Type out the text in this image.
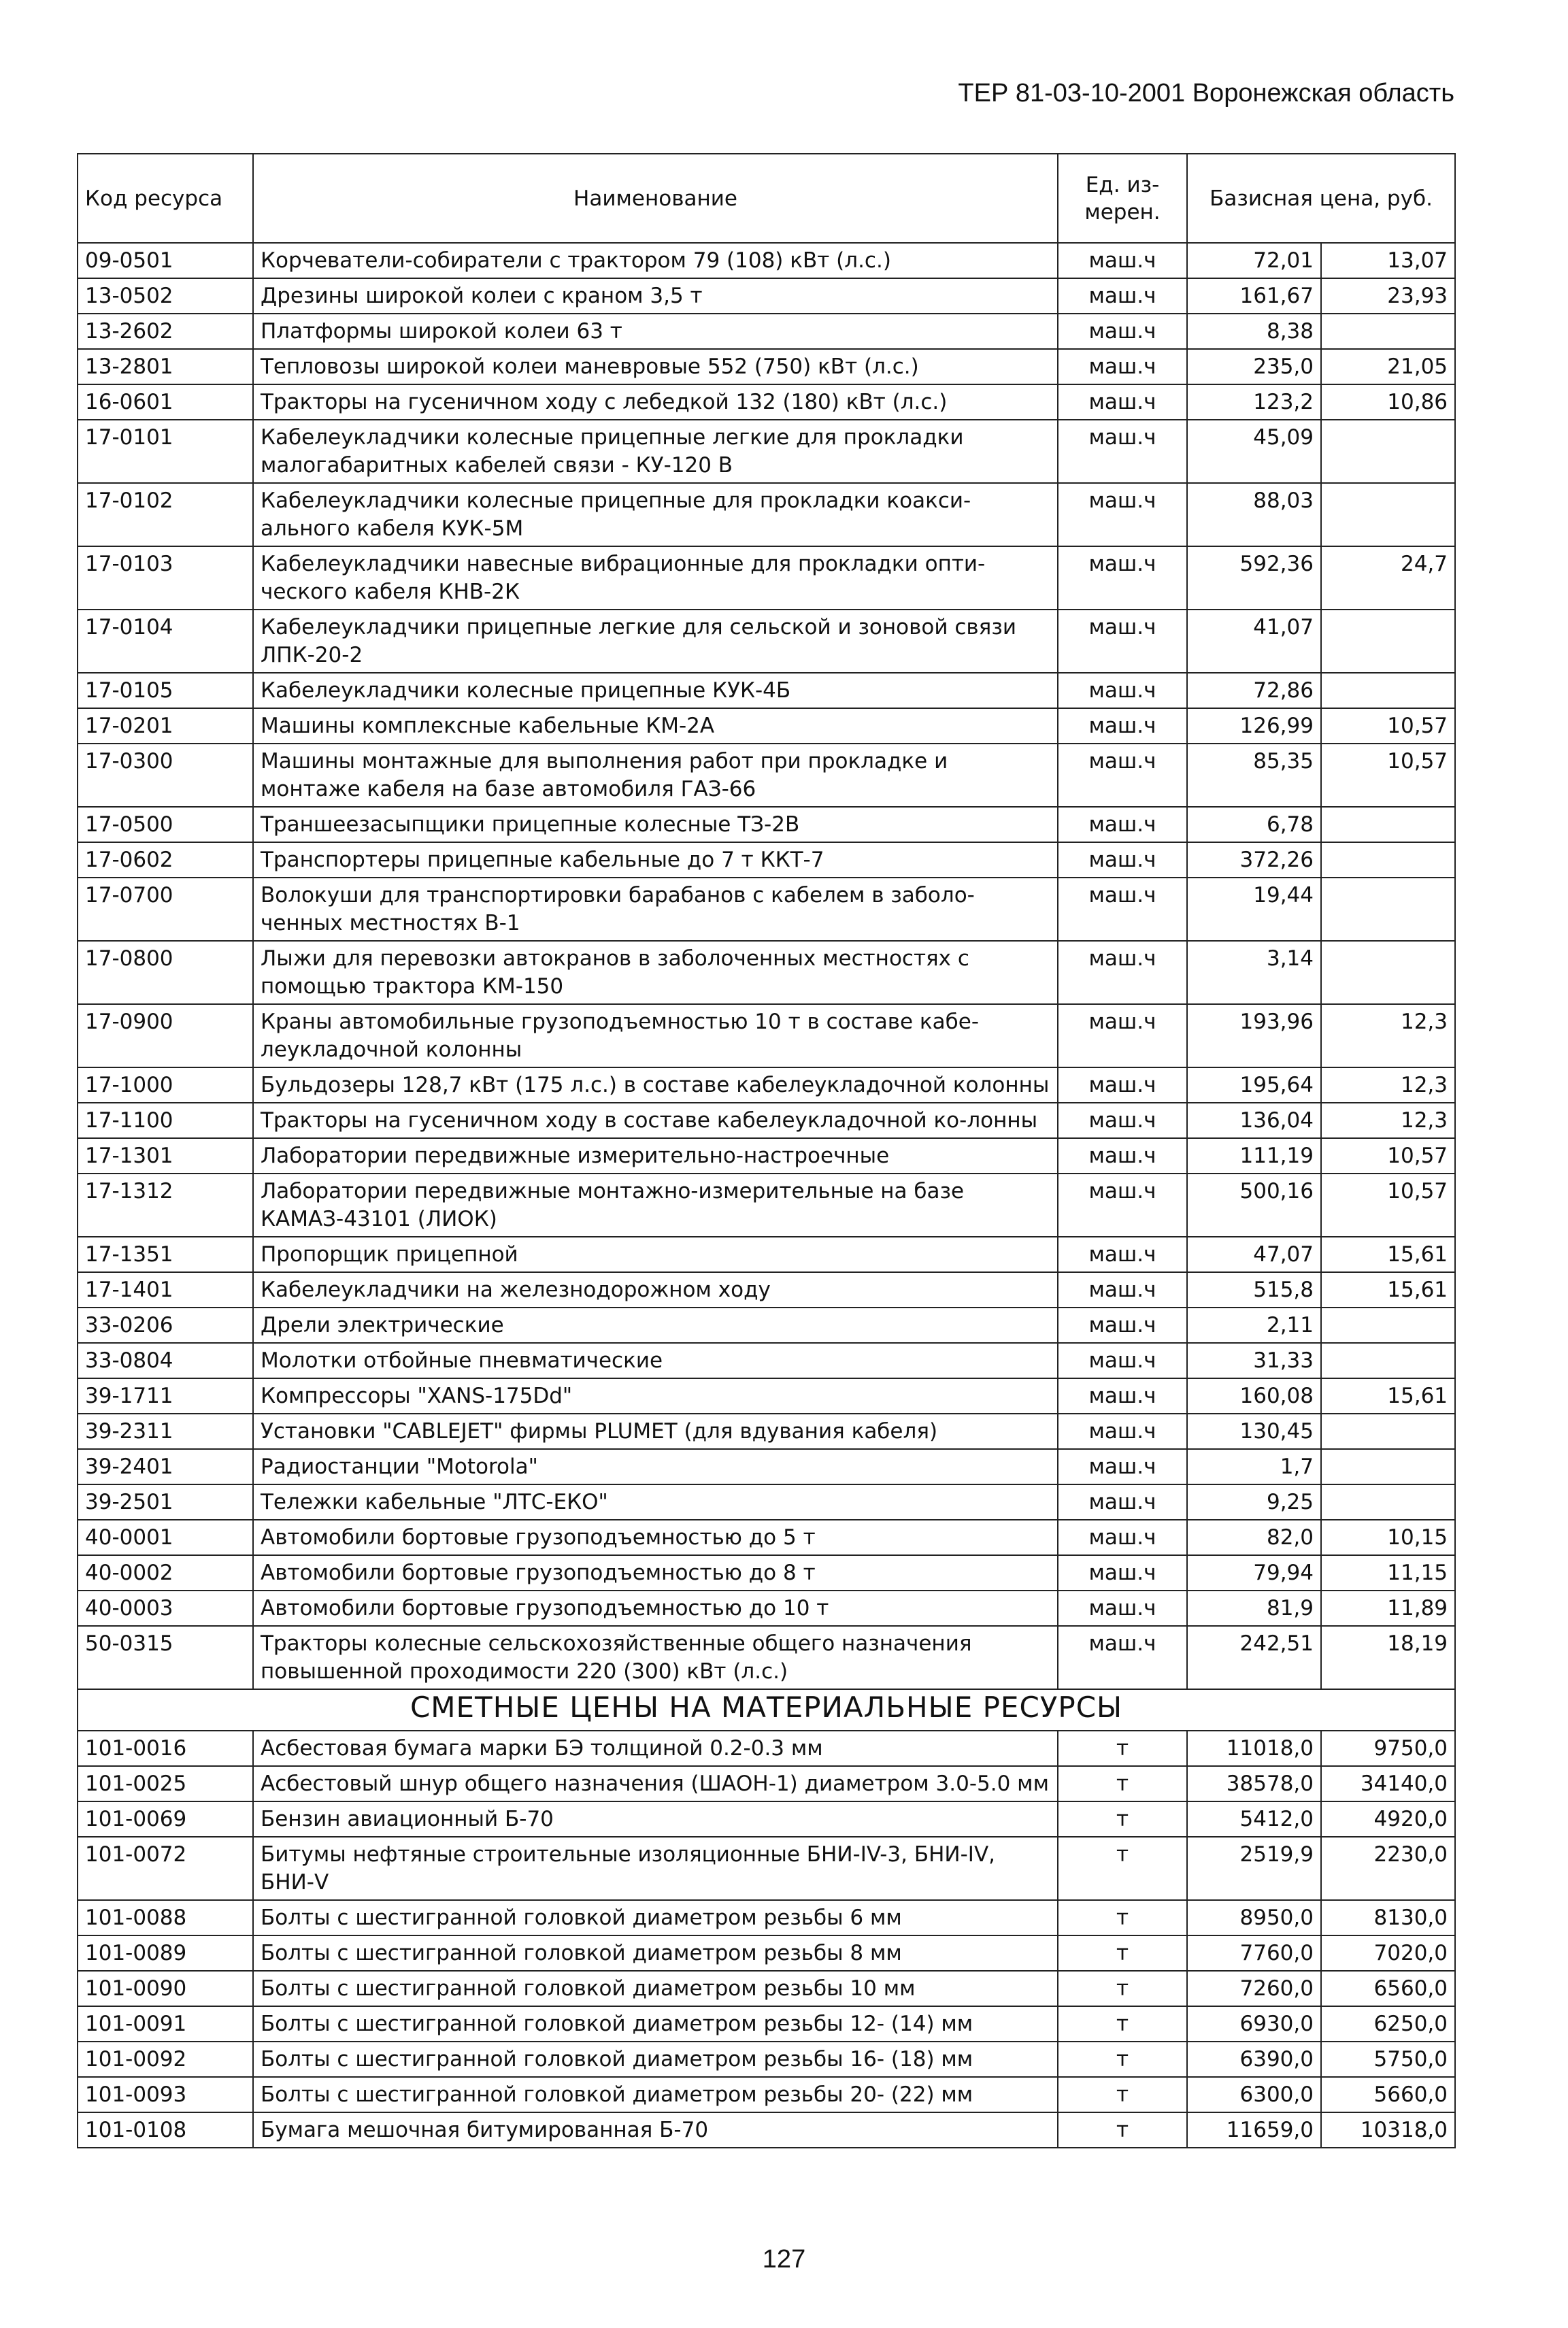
ТЕР 81-03-10-2001 Воронежская область
Код ресурса	Наименование	Ед. из-мерен.	Базисная цена, руб.	
09-0501	Корчеватели-собиратели с трактором 79 (108) кВт (л.с.)	маш.ч	72,01	13,07
13-0502	Дрезины широкой колеи с краном 3,5 т	маш.ч	161,67	23,93
13-2602	Платформы широкой колеи 63 т	маш.ч	8,38	
13-2801	Тепловозы широкой колеи маневровые 552 (750) кВт (л.с.)	маш.ч	235,0	21,05
16-0601	Тракторы на гусеничном ходу с лебедкой 132 (180) кВт (л.с.)	маш.ч	123,2	10,86
17-0101	Кабелеукладчики колесные прицепные легкие для прокладки малогабаритных кабелей связи - КУ-120 В	маш.ч	45,09	
17-0102	Кабелеукладчики колесные прицепные для прокладки коакси-ального кабеля КУК-5М	маш.ч	88,03	
17-0103	Кабелеукладчики навесные вибрационные для прокладки опти-ческого кабеля КНВ-2К	маш.ч	592,36	24,7
17-0104	Кабелеукладчики прицепные легкие для сельской и зоновой связи ЛПК-20-2	маш.ч	41,07	
17-0105	Кабелеукладчики колесные прицепные КУК-4Б	маш.ч	72,86	
17-0201	Машины комплексные кабельные КМ-2А	маш.ч	126,99	10,57
17-0300	Машины монтажные для выполнения работ при прокладке и монтаже кабеля на базе автомобиля ГАЗ-66	маш.ч	85,35	10,57
17-0500	Траншеезасыпщики прицепные колесные ТЗ-2В	маш.ч	6,78	
17-0602	Транспортеры прицепные кабельные до 7 т ККТ-7	маш.ч	372,26	
17-0700	Волокуши для транспортировки барабанов с кабелем в заболо-ченных местностях В-1	маш.ч	19,44	
17-0800	Лыжи для перевозки автокранов в заболоченных местностях с помощью трактора КМ-150	маш.ч	3,14	
17-0900	Краны автомобильные грузоподъемностью 10 т в составе кабе-леукладочной колонны	маш.ч	193,96	12,3
17-1000	Бульдозеры 128,7 кВт (175 л.с.) в составе кабелеукладочной колонны	маш.ч	195,64	12,3
17-1100	Тракторы на гусеничном ходу в составе кабелеукладочной ко-лонны	маш.ч	136,04	12,3
17-1301	Лаборатории передвижные измерительно-настроечные	маш.ч	111,19	10,57
17-1312	Лаборатории передвижные монтажно-измерительные на базе КАМАЗ-43101 (ЛИОК)	маш.ч	500,16	10,57
17-1351	Пропорщик прицепной	маш.ч	47,07	15,61
17-1401	Кабелеукладчики на железнодорожном ходу	маш.ч	515,8	15,61
33-0206	Дрели электрические	маш.ч	2,11	
33-0804	Молотки отбойные пневматические	маш.ч	31,33	
39-1711	Компрессоры "XANS-175Dd"	маш.ч	160,08	15,61
39-2311	Установки "CABLEJET" фирмы PLUMET (для вдувания кабеля)	маш.ч	130,45	
39-2401	Радиостанции "Motorola"	маш.ч	1,7	
39-2501	Тележки кабельные "ЛТС-ЕКО"	маш.ч	9,25	
40-0001	Автомобили бортовые грузоподъемностью до 5 т	маш.ч	82,0	10,15
40-0002	Автомобили бортовые грузоподъемностью до 8 т	маш.ч	79,94	11,15
40-0003	Автомобили бортовые грузоподъемностью до 10 т	маш.ч	81,9	11,89
50-0315	Тракторы колесные сельскохозяйственные общего назначения повышенной проходимости 220 (300) кВт (л.с.)	маш.ч	242,51	18,19
СМЕТНЫЕ ЦЕНЫ НА МАТЕРИАЛЬНЫЕ РЕСУРСЫ				
101-0016	Асбестовая бумага марки БЭ толщиной 0.2-0.3 мм	т	11018,0	9750,0
101-0025	Асбестовый шнур общего назначения (ШАОН-1) диаметром 3.0-5.0 мм	т	38578,0	34140,0
101-0069	Бензин авиационный Б-70	т	5412,0	4920,0
101-0072	Битумы нефтяные строительные изоляционные БНИ-IV-3, БНИ-IV, БНИ-V	т	2519,9	2230,0
101-0088	Болты с шестигранной головкой диаметром резьбы 6 мм	т	8950,0	8130,0
101-0089	Болты с шестигранной головкой диаметром резьбы 8 мм	т	7760,0	7020,0
101-0090	Болты с шестигранной головкой диаметром резьбы 10 мм	т	7260,0	6560,0
101-0091	Болты с шестигранной головкой диаметром резьбы 12- (14) мм	т	6930,0	6250,0
101-0092	Болты с шестигранной головкой диаметром резьбы 16- (18) мм	т	6390,0	5750,0
101-0093	Болты с шестигранной головкой диаметром резьбы 20- (22) мм	т	6300,0	5660,0
101-0108	Бумага мешочная битумированная Б-70	т	11659,0	10318,0
127
